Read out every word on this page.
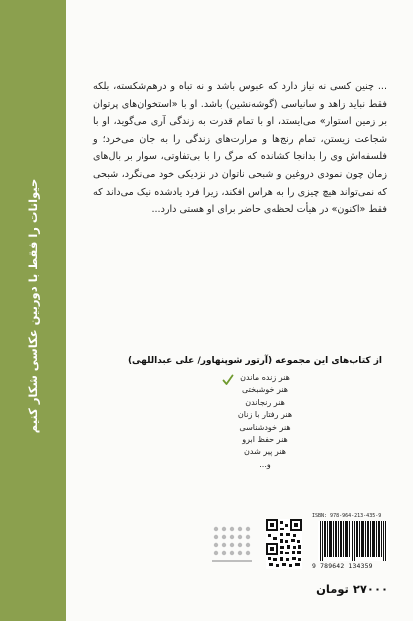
حیوانات را فقط با دوربین عکاسی شکار کنیم

... چنین کسی نه نیاز دارد که عبوس باشد و نه تباه و درهم‌شکسته، بلکه فقط نباید زاهد و سانیاسی (گوشه‌نشین) باشد. او با «استخوان‌های پرتوان بر زمین استوار» می‌ایستد، او با تمام قدرت به زندگی آری می‌گوید، او با شجاعت زیستن، تمام رنج‌ها و مرارت‌های زندگی را به جان می‌خرد؛ و فلسفه‌اش وی را بدانجا کشانده که مرگ را با بی‌تفاوتی، سوار بر بال‌های زمان چون نمودی دروغین و شبحی ناتوان در نزدیکی خود می‌نگرد، شبحی که نمی‌تواند هیچ چیزی را به هراس افکند، زیرا فرد یادشده نیک می‌داند که فقط «اکنون» در هیأت لحظه‌ی حاضر برای او هستی دارد...

از کتاب‌های این مجموعه (آرتور شوپنهاور/ علی عبداللهی)
هنر زنده ماندن
هنر خوشبختی
هنر رنجاندن
هنر رفتار با زنان
هنر خودشناسی
هنر حفظ ابرو
هنر پیر شدن
و...
ISBN: 978-964-213-435-9
9 789642 134359
۲۷۰۰۰ تومان
